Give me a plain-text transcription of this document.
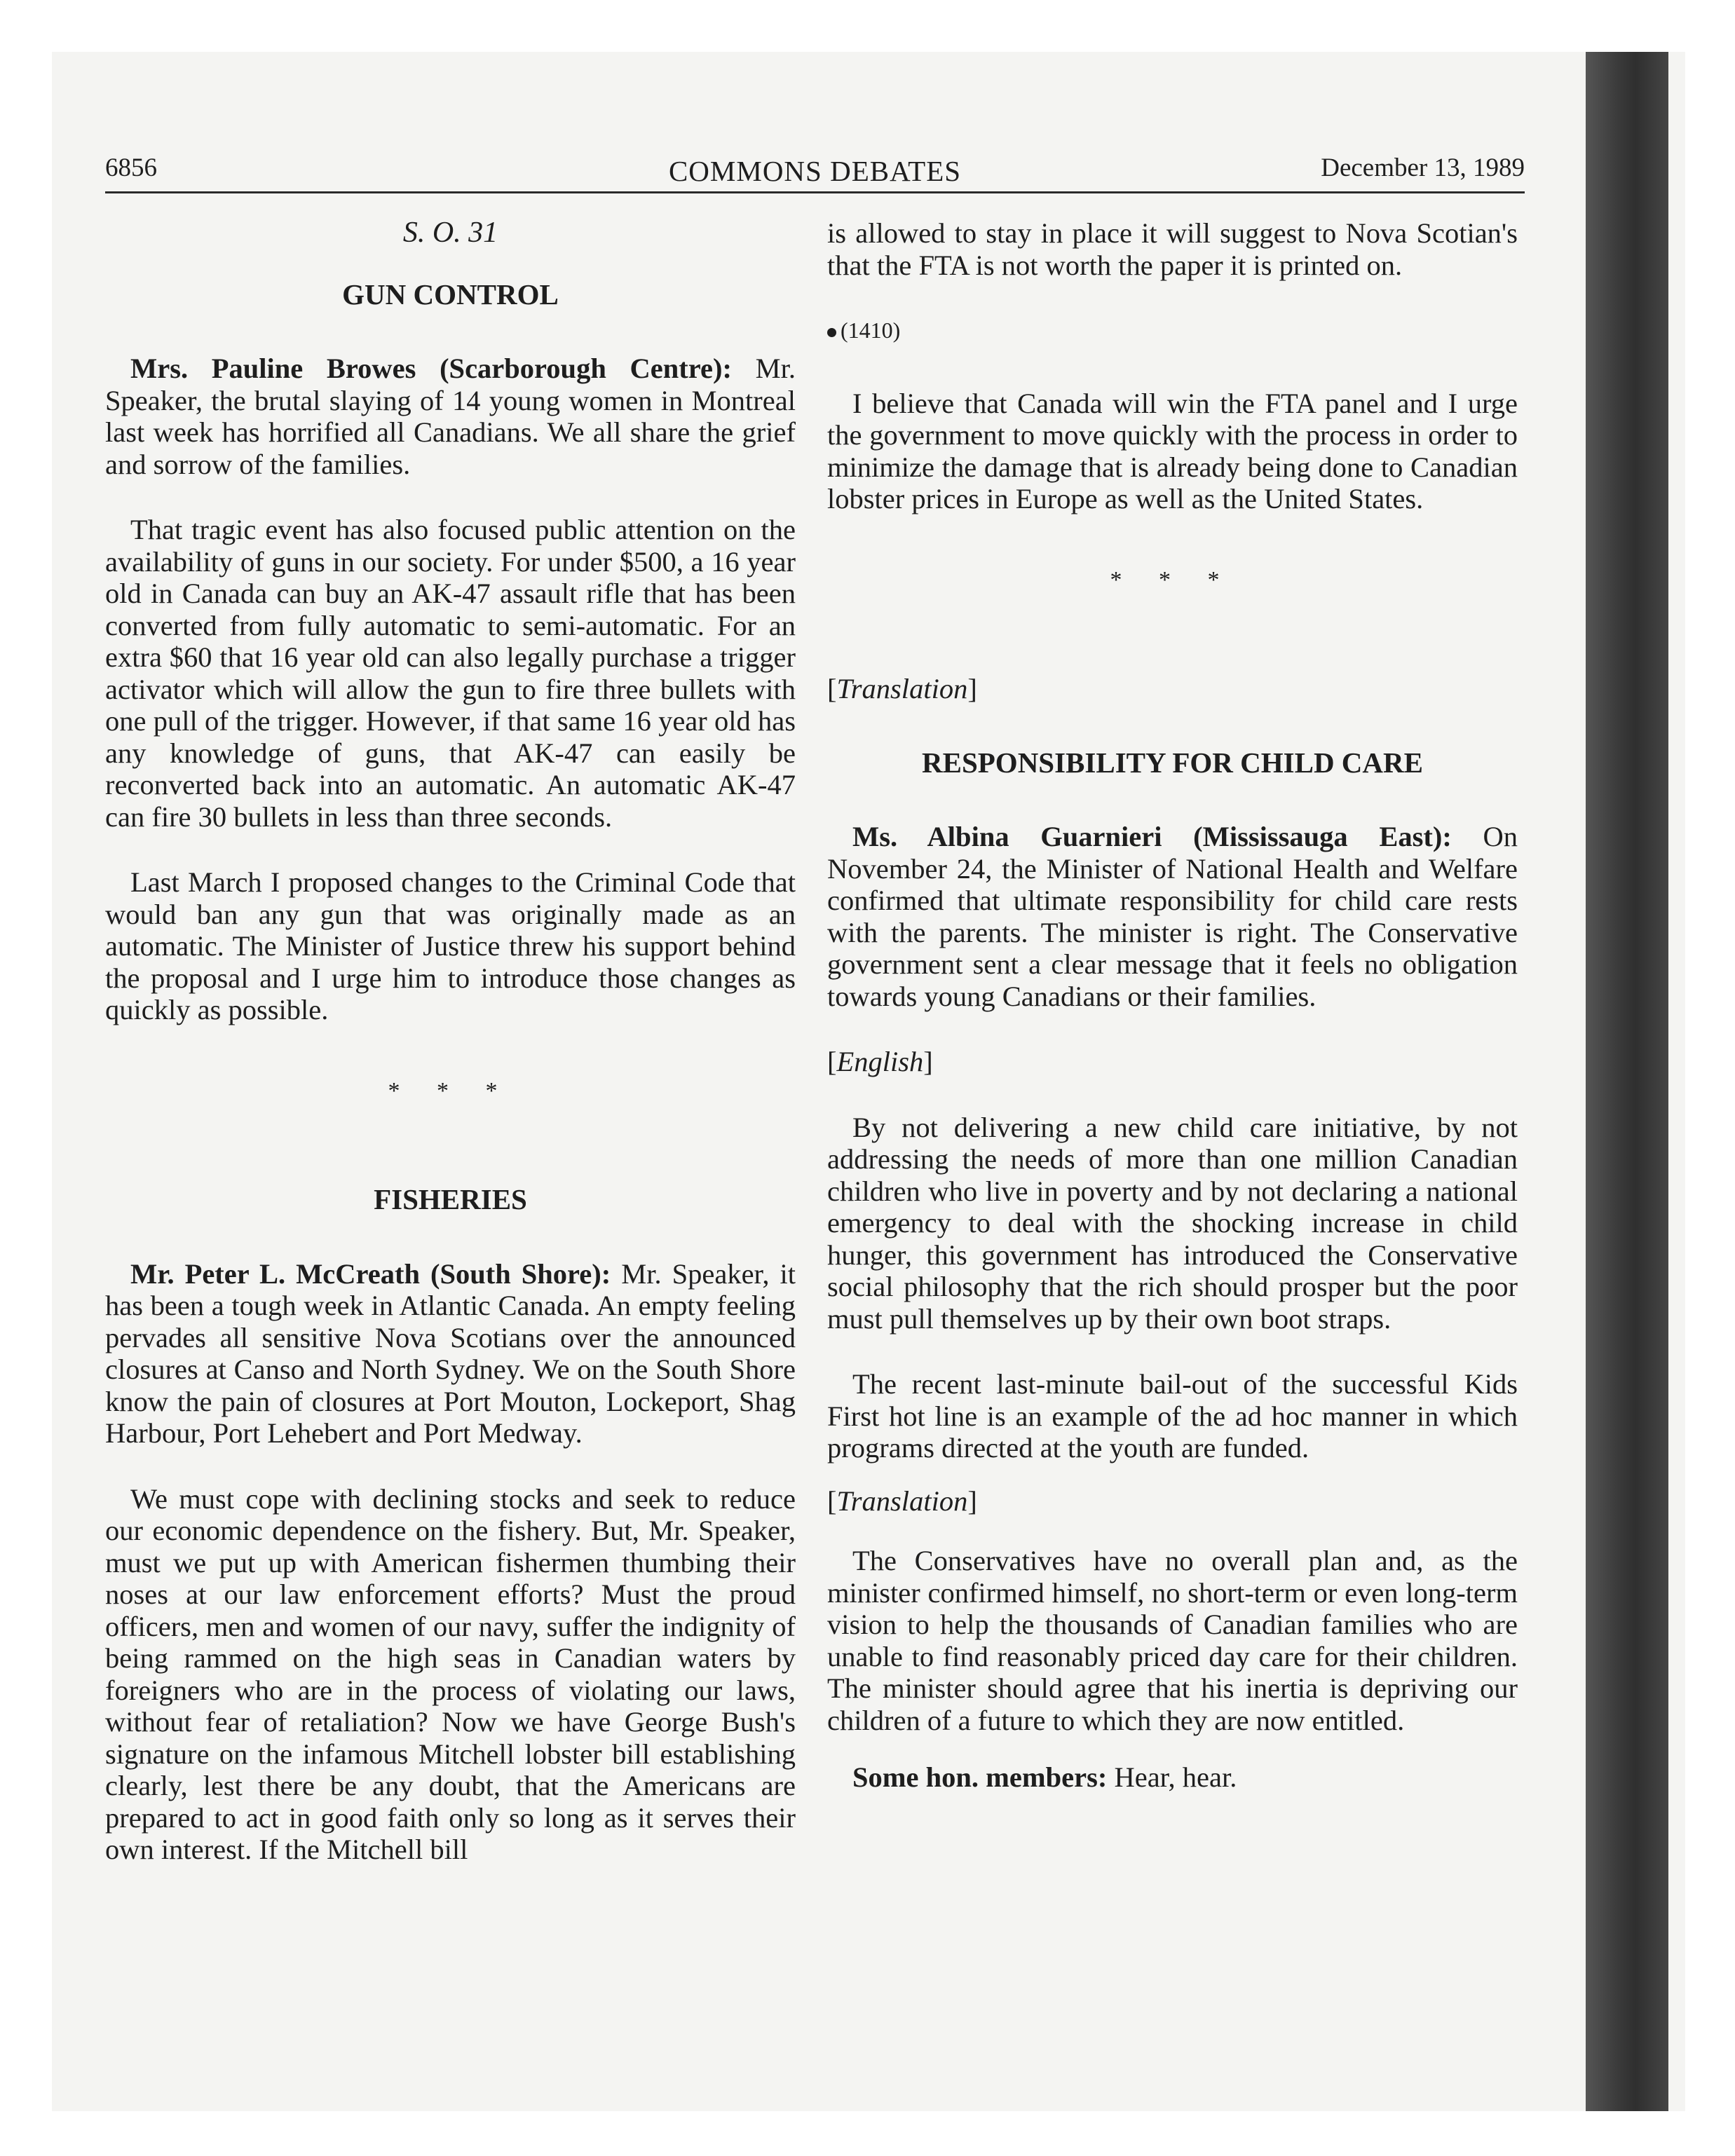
6856	COMMONS DEBATES	December 13, 1989
S. O. 31
GUN CONTROL

Mrs. Pauline Browes (Scarborough Centre): Mr. Speaker, the brutal slaying of 14 young women in Montreal last week has horrified all Canadians. We all share the grief and sorrow of the families.

That tragic event has also focused public attention on the availability of guns in our society. For under $500, a 16 year old in Canada can buy an AK-47 assault rifle that has been converted from fully automatic to semi-automatic. For an extra $60 that 16 year old can also legally purchase a trigger activator which will allow the gun to fire three bullets with one pull of the trigger. However, if that same 16 year old has any knowledge of guns, that AK-47 can easily be reconverted back into an automatic. An automatic AK-47 can fire 30 bullets in less than three seconds.

Last March I proposed changes to the Criminal Code that would ban any gun that was originally made as an automatic. The Minister of Justice threw his support behind the proposal and I urge him to introduce those changes as quickly as possible.

* * *
FISHERIES

Mr. Peter L. McCreath (South Shore): Mr. Speaker, it has been a tough week in Atlantic Canada. An empty feeling pervades all sensitive Nova Scotians over the announced closures at Canso and North Sydney. We on the South Shore know the pain of closures at Port Mouton, Lockeport, Shag Harbour, Port Lehebert and Port Medway.

We must cope with declining stocks and seek to reduce our economic dependence on the fishery. But, Mr. Speaker, must we put up with American fishermen thumbing their noses at our law enforcement efforts? Must the proud officers, men and women of our navy, suffer the indignity of being rammed on the high seas in Canadian waters by foreigners who are in the process of violating our laws, without fear of retaliation? Now we have George Bush's signature on the infamous Mitchell lobster bill establishing clearly, lest there be any doubt, that the Americans are prepared to act in good faith only so long as it serves their own interest. If the Mitchell bill

is allowed to stay in place it will suggest to Nova Scotian's that the FTA is not worth the paper it is printed on.

(1410)

I believe that Canada will win the FTA panel and I urge the government to move quickly with the process in order to minimize the damage that is already being done to Canadian lobster prices in Europe as well as the United States.

* * *
[Translation]
RESPONSIBILITY FOR CHILD CARE

Ms. Albina Guarnieri (Mississauga East): On November 24, the Minister of National Health and Welfare confirmed that ultimate responsibility for child care rests with the parents. The minister is right. The Conservative government sent a clear message that it feels no obligation towards young Canadians or their families.

[English]

By not delivering a new child care initiative, by not addressing the needs of more than one million Canadian children who live in poverty and by not declaring a national emergency to deal with the shocking increase in child hunger, this government has introduced the Conservative social philosophy that the rich should prosper but the poor must pull themselves up by their own boot straps.

The recent last-minute bail-out of the successful Kids First hot line is an example of the ad hoc manner in which programs directed at the youth are funded.

[Translation]

The Conservatives have no overall plan and, as the minister confirmed himself, no short-term or even long-term vision to help the thousands of Canadian families who are unable to find reasonably priced day care for their children. The minister should agree that his inertia is depriving our children of a future to which they are now entitled.

Some hon. members: Hear, hear.
